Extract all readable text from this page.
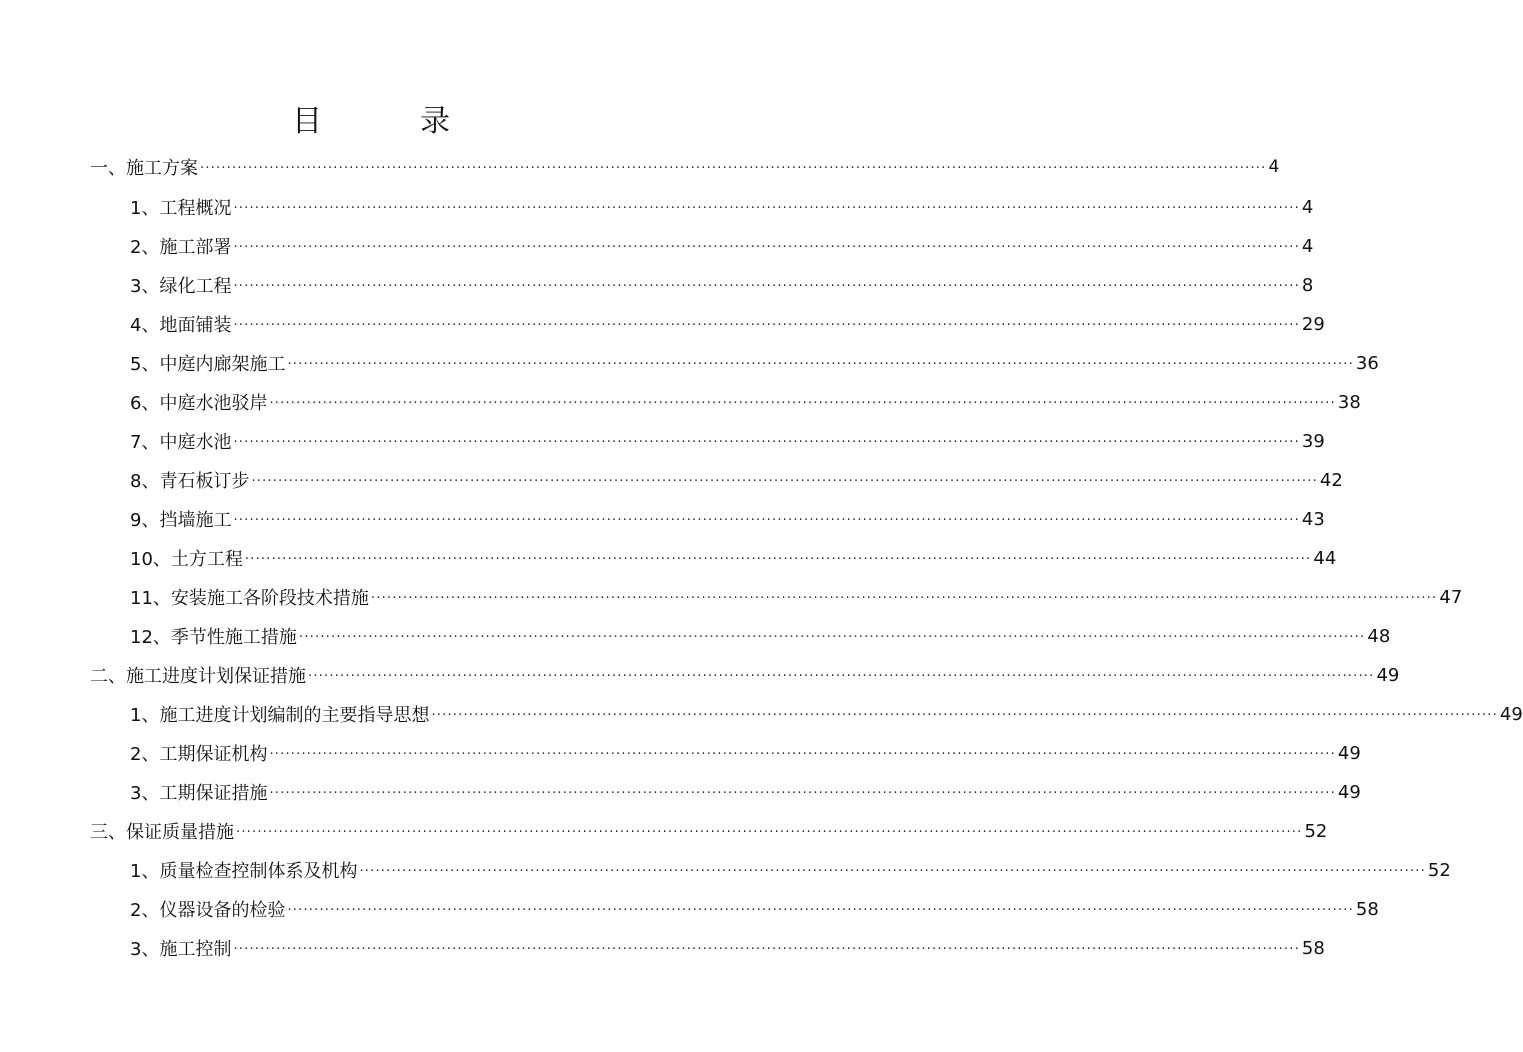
目	录
一、施工方案 ········································································································································································································ 4
1、工程概况 ········································································································································································································ 4
2、施工部署 ········································································································································································································ 4
3、绿化工程 ········································································································································································································ 8
4、地面铺装 ········································································································································································································ 29
5、中庭内廊架施工 ········································································································································································································ 36
6、中庭水池驳岸 ········································································································································································································ 38
7、中庭水池 ········································································································································································································ 39
8、青石板订步 ········································································································································································································ 42
9、挡墙施工 ········································································································································································································ 43
10、土方工程 ········································································································································································································ 44
11、安装施工各阶段技术措施 ········································································································································································································ 47
12、季节性施工措施 ········································································································································································································ 48
二、施工进度计划保证措施 ········································································································································································································ 49
1、施工进度计划编制的主要指导思想 ········································································································································································································ 49
2、工期保证机构 ········································································································································································································ 49
3、工期保证措施 ········································································································································································································ 49
三、保证质量措施 ········································································································································································································ 52
1、质量检查控制体系及机构 ········································································································································································································ 52
2、仪器设备的检验 ········································································································································································································ 58
3、施工控制 ········································································································································································································ 58
